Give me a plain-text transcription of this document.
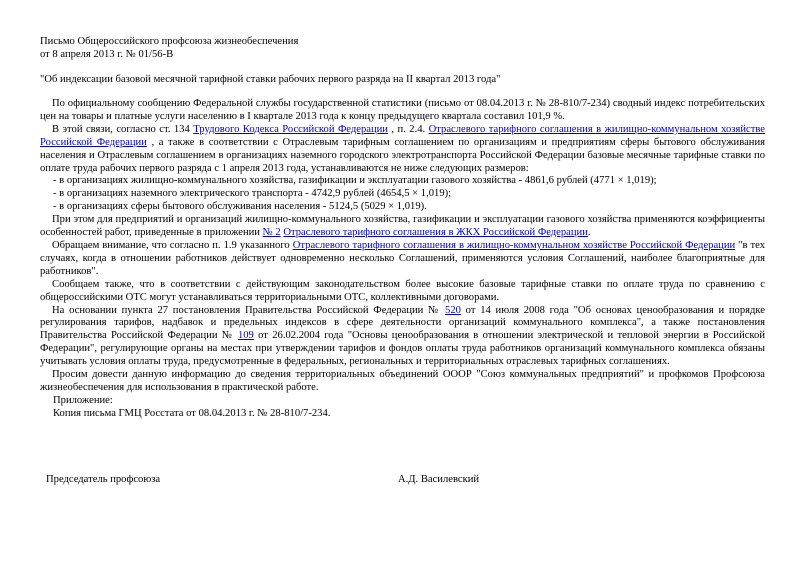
Письмо Общероссийского профсоюза жизнеобеспечения
от 8 апреля 2013 г. № 01/56-В
"Об индексации базовой месячной тарифной ставки рабочих первого разряда на II квартал 2013 года"

По официальному сообщению Федеральной службы государственной статистики (письмо от 08.04.2013 г. № 28-810/7-234) сводный индекс потребительских цен на товары и платные услуги населению в I квартале 2013 года к концу предыдущего квартала составил 101,9 %.

В этой связи, согласно ст. 134 Трудового Кодекса Российской Федерации , п. 2.4. Отраслевого тарифного соглашения в жилищно-коммунальном хозяйстве Российской Федерации , а также в соответствии с Отраслевым тарифным соглашением по организациям и предприятиям сферы бытового обслуживания населения и Отраслевым соглашением в организациях наземного городского электротранспорта Российской Федерации базовые месячные тарифные ставки по оплате труда рабочих первого разряда с 1 апреля 2013 года, устанавливаются не ниже следующих размеров:

- в организациях жилищно-коммунального хозяйства, газификации и эксплуатации газового хозяйства - 4861,6 рублей (4771 × 1,019);
- в организациях наземного электрического транспорта - 4742,9 рублей (4654,5 × 1,019);
- в организациях сферы бытового обслуживания населения - 5124,5 (5029 × 1,019).

При этом для предприятий и организаций жилищно-коммунального хозяйства, газификации и эксплуатации газового хозяйства применяются коэффициенты особенностей работ, приведенные в приложении № 2 Отраслевого тарифного соглашения в ЖКХ Российской Федерации.

Обращаем внимание, что согласно п. 1.9 указанного Отраслевого тарифного соглашения в жилищно-коммунальном хозяйстве Российской Федерации "в тех случаях, когда в отношении работников действует одновременно несколько Соглашений, применяются условия Соглашений, наиболее благоприятные для работников".

Сообщаем также, что в соответствии с действующим законодательством более высокие базовые тарифные ставки по оплате труда по сравнению с общероссийскими ОТС могут устанавливаться территориальными ОТС, коллективными договорами.

На основании пункта 27 постановления Правительства Российской Федерации № 520 от 14 июля 2008 года "Об основах ценообразования и порядке регулирования тарифов, надбавок и предельных индексов в сфере деятельности организаций коммунального комплекса", а также постановления Правительства Российской Федерации № 109 от 26.02.2004 года "Основы ценообразования в отношении электрической и тепловой энергии в Российской Федерации", регулирующие органы на местах при утверждении тарифов и фондов оплаты труда работников организаций коммунального комплекса обязаны учитывать условия оплаты труда, предусмотренные в федеральных, региональных и территориальных отраслевых тарифных соглашениях.

Просим довести данную информацию до сведения территориальных объединений ОООР "Союз коммунальных предприятий" и профкомов Профсоюза жизнеобеспечения для использования в практической работе.

Приложение:
Копия письма ГМЦ Росстата от 08.04.2013 г. № 28-810/7-234.
Председатель профсоюза	А.Д. Василевский
